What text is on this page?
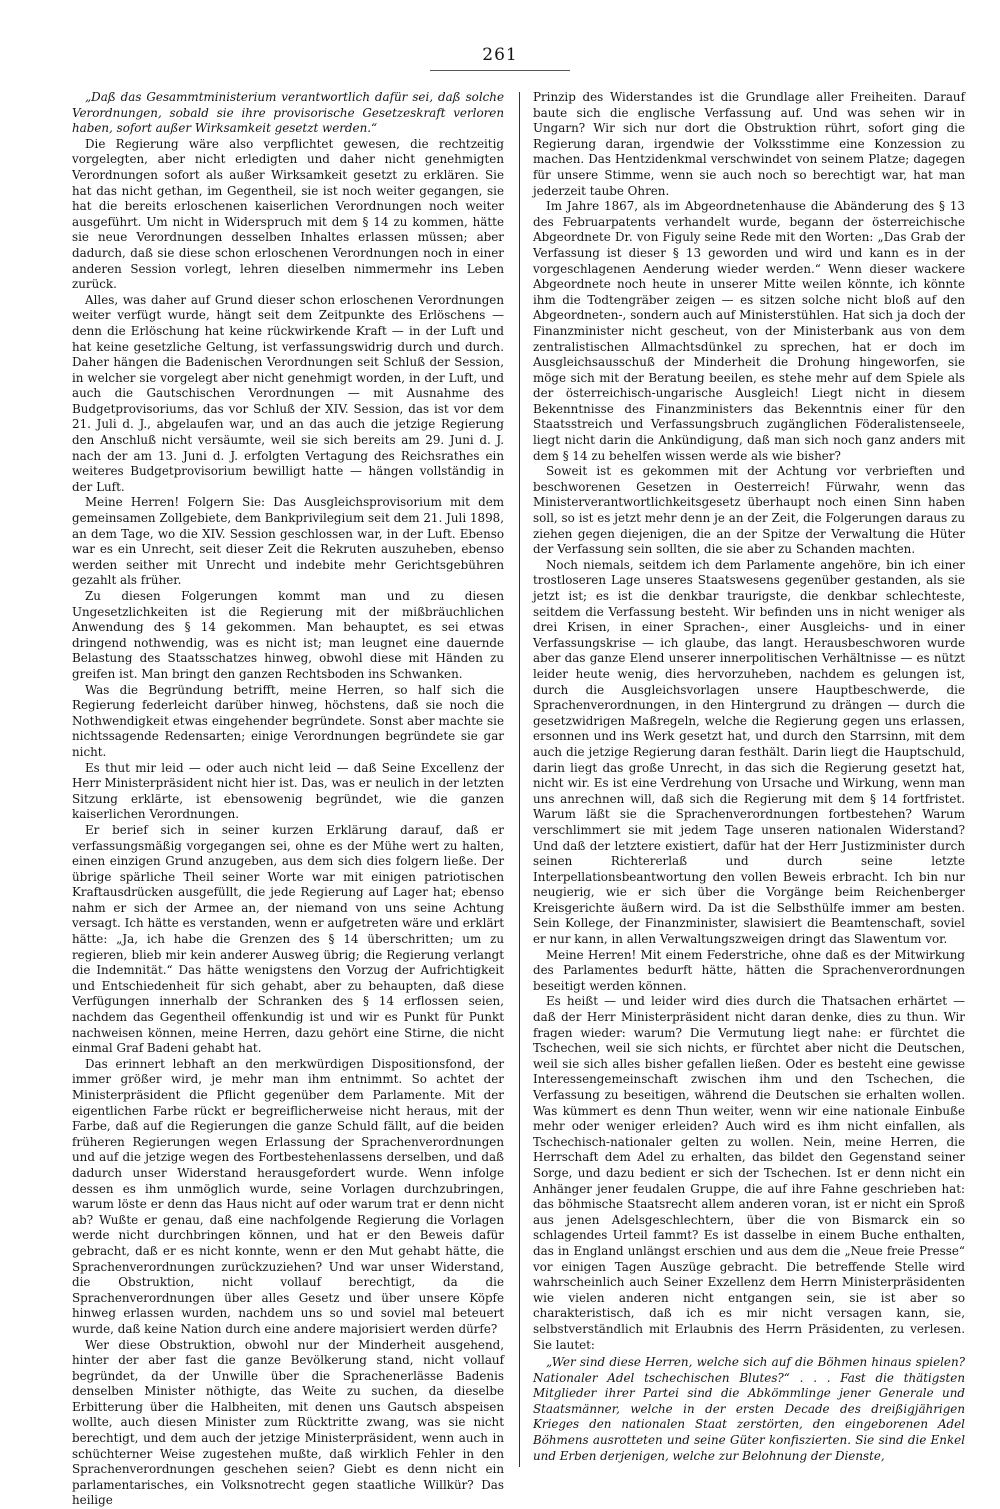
261

„Daß das Gesammtministerium verantwortlich dafür sei, daß solche Verordnungen, sobald sie ihre provisorische Gesetzeskraft verloren haben, sofort außer Wirksamkeit gesetzt werden.“

Die Regierung wäre also verpflichtet gewesen, die rechtzeitig vorgelegten, aber nicht erledigten und daher nicht genehmigten Verordnungen sofort als außer Wirksamkeit gesetzt zu erklären. Sie hat das nicht gethan, im Gegentheil, sie ist noch weiter gegangen, sie hat die bereits erloschenen kaiserlichen Verordnungen noch weiter ausgeführt. Um nicht in Widerspruch mit dem § 14 zu kommen, hätte sie neue Verordnungen desselben Inhaltes erlassen müssen; aber dadurch, daß sie diese schon erloschenen Verordnungen noch in einer anderen Session vorlegt, lehren dieselben nimmermehr ins Leben zurück.

Alles, was daher auf Grund dieser schon erloschenen Verordnungen weiter verfügt wurde, hängt seit dem Zeitpunkte des Erlöschens — denn die Erlöschung hat keine rückwirkende Kraft — in der Luft und hat keine gesetzliche Geltung, ist verfassungswidrig durch und durch. Daher hängen die Badenischen Verordnungen seit Schluß der Session, in welcher sie vorgelegt aber nicht genehmigt worden, in der Luft, und auch die Gautschischen Verordnungen — mit Ausnahme des Budgetprovisoriums, das vor Schluß der XIV. Session, das ist vor dem 21. Juli d. J., abgelaufen war, und an das auch die jetzige Regierung den Anschluß nicht versäumte, weil sie sich bereits am 29. Juni d. J. nach der am 13. Juni d. J. erfolgten Vertagung des Reichsrathes ein weiteres Budgetprovisorium bewilligt hatte — hängen vollständig in der Luft.

Meine Herren! Folgern Sie: Das Ausgleichsprovisorium mit dem gemeinsamen Zollgebiete, dem Bankprivilegium seit dem 21. Juli 1898, an dem Tage, wo die XIV. Session geschlossen war, in der Luft. Ebenso war es ein Unrecht, seit dieser Zeit die Rekruten auszuheben, ebenso werden seither mit Unrecht und indebite mehr Gerichtsgebühren gezahlt als früher.

Zu diesen Folgerungen kommt man und zu diesen Ungesetzlichkeiten ist die Regierung mit der mißbräuchlichen Anwendung des § 14 gekommen. Man behauptet, es sei etwas dringend nothwendig, was es nicht ist; man leugnet eine dauernde Belastung des Staatsschatzes hinweg, obwohl diese mit Händen zu greifen ist. Man bringt den ganzen Rechtsboden ins Schwanken.

Was die Begründung betrifft, meine Herren, so half sich die Regierung federleicht darüber hinweg, höchstens, daß sie noch die Nothwendigkeit etwas eingehender begründete. Sonst aber machte sie nichtssagende Redensarten; einige Verordnungen begründete sie gar nicht.

Es thut mir leid — oder auch nicht leid — daß Seine Excellenz der Herr Ministerpräsident nicht hier ist. Das, was er neulich in der letzten Sitzung erklärte, ist ebensowenig begründet, wie die ganzen kaiserlichen Verordnungen.

Er berief sich in seiner kurzen Erklärung darauf, daß er verfassungsmäßig vorgegangen sei, ohne es der Mühe wert zu halten, einen einzigen Grund anzugeben, aus dem sich dies folgern ließe. Der übrige spärliche Theil seiner Worte war mit einigen patriotischen Kraftausdrücken ausgefüllt, die jede Regierung auf Lager hat; ebenso nahm er sich der Armee an, der niemand von uns seine Achtung versagt. Ich hätte es verstanden, wenn er aufgetreten wäre und erklärt hätte: „Ja, ich habe die Grenzen des § 14 überschritten; um zu regieren, blieb mir kein anderer Ausweg übrig; die Regierung verlangt die Indemnität.“ Das hätte wenigstens den Vorzug der Aufrichtigkeit und Entschiedenheit für sich gehabt, aber zu behaupten, daß diese Verfügungen innerhalb der Schranken des § 14 erflossen seien, nachdem das Gegentheil offenkundig ist und wir es Punkt für Punkt nachweisen können, meine Herren, dazu gehört eine Stirne, die nicht einmal Graf Badeni gehabt hat.

Das erinnert lebhaft an den merkwürdigen Dispositionsfond, der immer größer wird, je mehr man ihm entnimmt. So achtet der Ministerpräsident die Pflicht gegenüber dem Parlamente. Mit der eigentlichen Farbe rückt er begreiflicherweise nicht heraus, mit der Farbe, daß auf die Regierungen die ganze Schuld fällt, auf die beiden früheren Regierungen wegen Erlassung der Sprachenverordnungen und auf die jetzige wegen des Fortbestehenlassens derselben, und daß dadurch unser Widerstand herausgefordert wurde. Wenn infolge dessen es ihm unmöglich wurde, seine Vorlagen durchzubringen, warum löste er denn das Haus nicht auf oder warum trat er denn nicht ab? Wußte er genau, daß eine nachfolgende Regierung die Vorlagen werde nicht durchbringen können, und hat er den Beweis dafür gebracht, daß er es nicht konnte, wenn er den Mut gehabt hätte, die Sprachenverordnungen zurückzuziehen? Und war unser Widerstand, die Obstruktion, nicht vollauf berechtigt, da die Sprachenverordnungen über alles Gesetz und über unsere Köpfe hinweg erlassen wurden, nachdem uns so und soviel mal beteuert wurde, daß keine Nation durch eine andere majorisiert werden dürfe?

Wer diese Obstruktion, obwohl nur der Minderheit ausgehend, hinter der aber fast die ganze Bevölkerung stand, nicht vollauf begründet, da der Unwille über die Sprachenerlässe Badenis denselben Minister nöthigte, das Weite zu suchen, da dieselbe Erbitterung über die Halbheiten, mit denen uns Gautsch abspeisen wollte, auch diesen Minister zum Rücktritte zwang, was sie nicht berechtigt, und dem auch der jetzige Ministerpräsident, wenn auch in schüchterner Weise zugestehen mußte, daß wirklich Fehler in den Sprachenverordnungen geschehen seien? Giebt es denn nicht ein parlamentarisches, ein Volksnotrecht gegen staatliche Willkür? Das heilige

Prinzip des Widerstandes ist die Grundlage aller Freiheiten. Darauf baute sich die englische Verfassung auf. Und was sehen wir in Ungarn? Wir sich nur dort die Obstruktion rührt, sofort ging die Regierung daran, irgendwie der Volksstimme eine Konzession zu machen. Das Hentzidenkmal verschwindet von seinem Platze; dagegen für unsere Stimme, wenn sie auch noch so berechtigt war, hat man jederzeit taube Ohren.

Im Jahre 1867, als im Abgeordnetenhause die Abänderung des § 13 des Februarpatents verhandelt wurde, begann der österreichische Abgeordnete Dr. von Figuly seine Rede mit den Worten: „Das Grab der Verfassung ist dieser § 13 geworden und wird und kann es in der vorgeschlagenen Aenderung wieder werden.“ Wenn dieser wackere Abgeordnete noch heute in unserer Mitte weilen könnte, ich könnte ihm die Todtengräber zeigen — es sitzen solche nicht bloß auf den Abgeordneten-, sondern auch auf Ministerstühlen. Hat sich ja doch der Finanzminister nicht gescheut, von der Ministerbank aus von dem zentralistischen Allmachtsdünkel zu sprechen, hat er doch im Ausgleichsausschuß der Minderheit die Drohung hingeworfen, sie möge sich mit der Beratung beeilen, es stehe mehr auf dem Spiele als der österreichisch-ungarische Ausgleich! Liegt nicht in diesem Bekenntnisse des Finanzministers das Bekenntnis einer für den Staatsstreich und Verfassungsbruch zugänglichen Föderalistenseele, liegt nicht darin die Ankündigung, daß man sich noch ganz anders mit dem § 14 zu behelfen wissen werde als wie bisher?

Soweit ist es gekommen mit der Achtung vor verbrieften und beschworenen Gesetzen in Oesterreich! Fürwahr, wenn das Ministerverantwortlichkeitsgesetz überhaupt noch einen Sinn haben soll, so ist es jetzt mehr denn je an der Zeit, die Folgerungen daraus zu ziehen gegen diejenigen, die an der Spitze der Verwaltung die Hüter der Verfassung sein sollten, die sie aber zu Schanden machten.

Noch niemals, seitdem ich dem Parlamente angehöre, bin ich einer trostloseren Lage unseres Staatswesens gegenüber gestanden, als sie jetzt ist; es ist die denkbar traurigste, die denkbar schlechteste, seitdem die Verfassung besteht. Wir befinden uns in nicht weniger als drei Krisen, in einer Sprachen-, einer Ausgleichs- und in einer Verfassungskrise — ich glaube, das langt. Herausbeschworen wurde aber das ganze Elend unserer innerpolitischen Verhältnisse — es nützt leider heute wenig, dies hervorzuheben, nachdem es gelungen ist, durch die Ausgleichsvorlagen unsere Hauptbeschwerde, die Sprachenverordnungen, in den Hintergrund zu drängen — durch die gesetzwidrigen Maßregeln, welche die Regierung gegen uns erlassen, ersonnen und ins Werk gesetzt hat, und durch den Starrsinn, mit dem auch die jetzige Regierung daran festhält. Darin liegt die Hauptschuld, darin liegt das große Unrecht, in das sich die Regierung gesetzt hat, nicht wir. Es ist eine Verdrehung von Ursache und Wirkung, wenn man uns anrechnen will, daß sich die Regierung mit dem § 14 fortfristet. Warum läßt sie die Sprachenverordnungen fortbestehen? Warum verschlimmert sie mit jedem Tage unseren nationalen Widerstand? Und daß der letztere existiert, dafür hat der Herr Justizminister durch seinen Richtererlaß und durch seine letzte Interpellationsbeantwortung den vollen Beweis erbracht. Ich bin nur neugierig, wie er sich über die Vorgänge beim Reichenberger Kreisgerichte äußern wird. Da ist die Selbsthülfe immer am besten. Sein Kollege, der Finanzminister, slawisiert die Beamtenschaft, soviel er nur kann, in allen Verwaltungszweigen dringt das Slawentum vor.

Meine Herren! Mit einem Federstriche, ohne daß es der Mitwirkung des Parlamentes bedurft hätte, hätten die Sprachenverordnungen beseitigt werden können.

Es heißt — und leider wird dies durch die Thatsachen erhärtet — daß der Herr Ministerpräsident nicht daran denke, dies zu thun. Wir fragen wieder: warum? Die Vermutung liegt nahe: er fürchtet die Tschechen, weil sie sich nichts, er fürchtet aber nicht die Deutschen, weil sie sich alles bisher gefallen ließen. Oder es besteht eine gewisse Interessengemeinschaft zwischen ihm und den Tschechen, die Verfassung zu beseitigen, während die Deutschen sie erhalten wollen. Was kümmert es denn Thun weiter, wenn wir eine nationale Einbuße mehr oder weniger erleiden? Auch wird es ihm nicht einfallen, als Tschechisch-nationaler gelten zu wollen. Nein, meine Herren, die Herrschaft dem Adel zu erhalten, das bildet den Gegenstand seiner Sorge, und dazu bedient er sich der Tschechen. Ist er denn nicht ein Anhänger jener feudalen Gruppe, die auf ihre Fahne geschrieben hat: das böhmische Staatsrecht allem anderen voran, ist er nicht ein Sproß aus jenen Adelsgeschlechtern, über die von Bismarck ein so schlagendes Urteil fammt? Es ist dasselbe in einem Buche enthalten, das in England unlängst erschien und aus dem die „Neue freie Presse“ vor einigen Tagen Auszüge gebracht. Die betreffende Stelle wird wahrscheinlich auch Seiner Exzellenz dem Herrn Ministerpräsidenten wie vielen anderen nicht entgangen sein, sie ist aber so charakteristisch, daß ich es mir nicht versagen kann, sie, selbstverständlich mit Erlaubnis des Herrn Präsidenten, zu verlesen. Sie lautet:

„Wer sind diese Herren, welche sich auf die Böhmen hinaus spielen? Nationaler Adel tschechischen Blutes?“ . . . Fast die thätigsten Mitglieder ihrer Partei sind die Abkömmlinge jener Generale und Staatsmänner, welche in der ersten Decade des dreißigjährigen Krieges den nationalen Staat zerstörten, den eingeborenen Adel Böhmens ausrotteten und seine Güter konfiszierten. Sie sind die Enkel und Erben derjenigen, welche zur Belohnung der Dienste,
